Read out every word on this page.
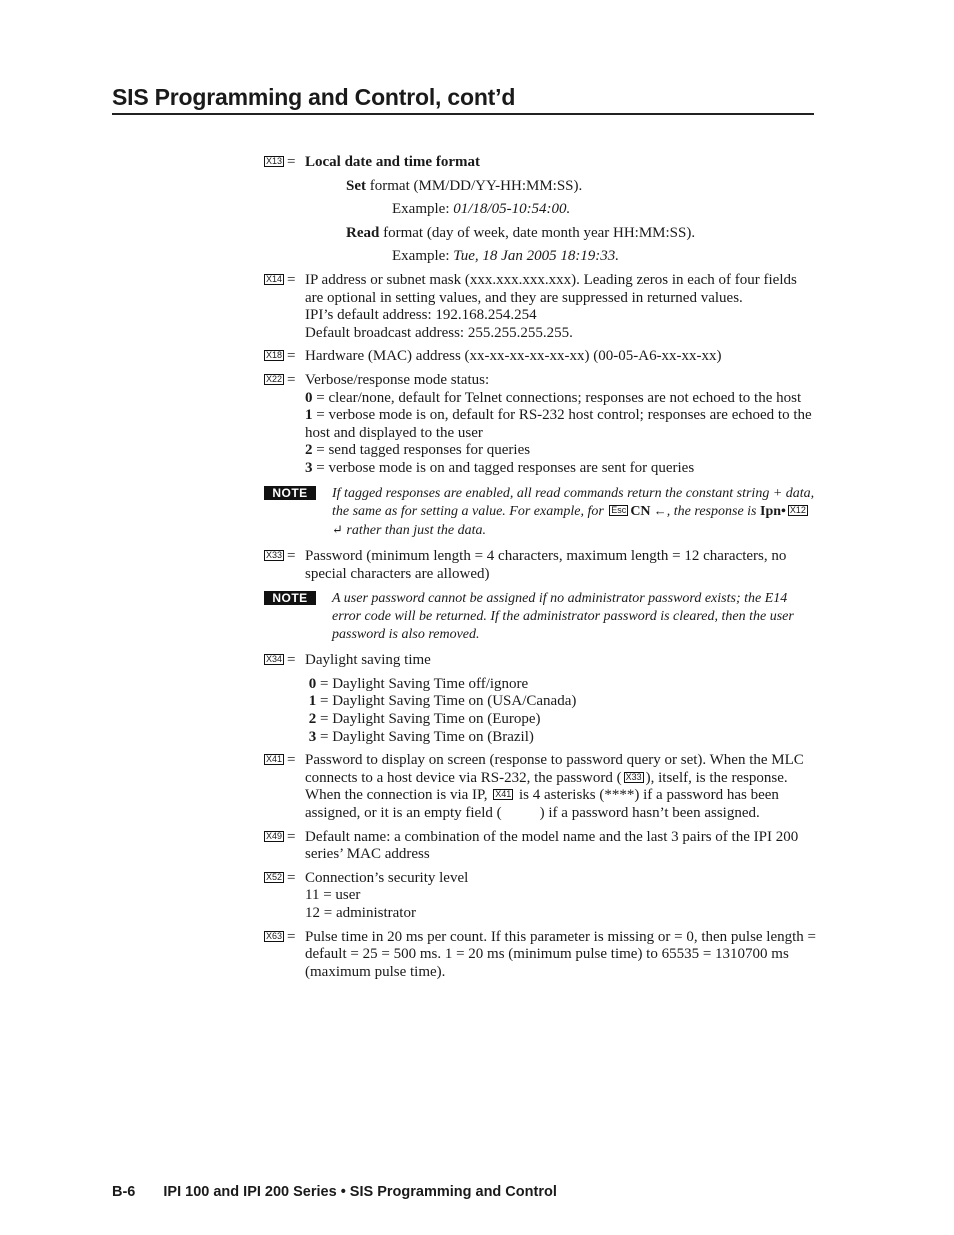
SIS Programming and Control, cont’d
X13 = Local date and time format
Set format (MM/DD/YY-HH:MM:SS).
Example: 01/18/05-10:54:00.
Read format (day of week, date month year HH:MM:SS).
Example: Tue, 18 Jan 2005 18:19:33.
X14 = IP address or subnet mask (xxx.xxx.xxx.xxx). Leading zeros in each of four fields are optional in setting values, and they are suppressed in returned values.
IPI’s default address: 192.168.254.254
Default broadcast address: 255.255.255.255.
X18 = Hardware (MAC) address (xx-xx-xx-xx-xx-xx) (00-05-A6-xx-xx-xx)
X22 = Verbose/response mode status:
0 = clear/none, default for Telnet connections; responses are not echoed to the host
1 = verbose mode is on, default for RS-232 host control; responses are echoed to the host and displayed to the user
2 = send tagged responses for queries
3 = verbose mode is on and tagged responses are sent for queries
NOTE	If tagged responses are enabled, all read commands return the constant string + data, the same as for setting a value. For example, for Esc CN ←, the response is Ipn• X12↵ rather than just the data.
X33 = Password (minimum length = 4 characters, maximum length = 12 characters, no special characters are allowed)
NOTE	A user password cannot be assigned if no administrator password exists; the E14 error code will be returned. If the administrator password is cleared, then the user password is also removed.
X34 = Daylight saving time
0 = Daylight Saving Time off/ignore
1 = Daylight Saving Time on (USA/Canada)
2 = Daylight Saving Time on (Europe)
3 = Daylight Saving Time on (Brazil)
X41 = Password to display on screen (response to password query or set). When the MLC connects to a host device via RS-232, the password ( X33 ), itself, is the response. When the connection is via IP, X41 is 4 asterisks (****) if a password has been assigned, or it is an empty field (	) if a password hasn’t been assigned.
X49 = Default name: a combination of the model name and the last 3 pairs of the IPI 200 series’ MAC address
X52 = Connection’s security level
11 = user
12 = administrator
X63 = Pulse time in 20 ms per count. If this parameter is missing or = 0, then pulse length = default = 25 = 500 ms. 1 = 20 ms (minimum pulse time) to 65535 = 1310700 ms (maximum pulse time).
B-6 IPI 100 and IPI 200 Series • SIS Programming and Control
